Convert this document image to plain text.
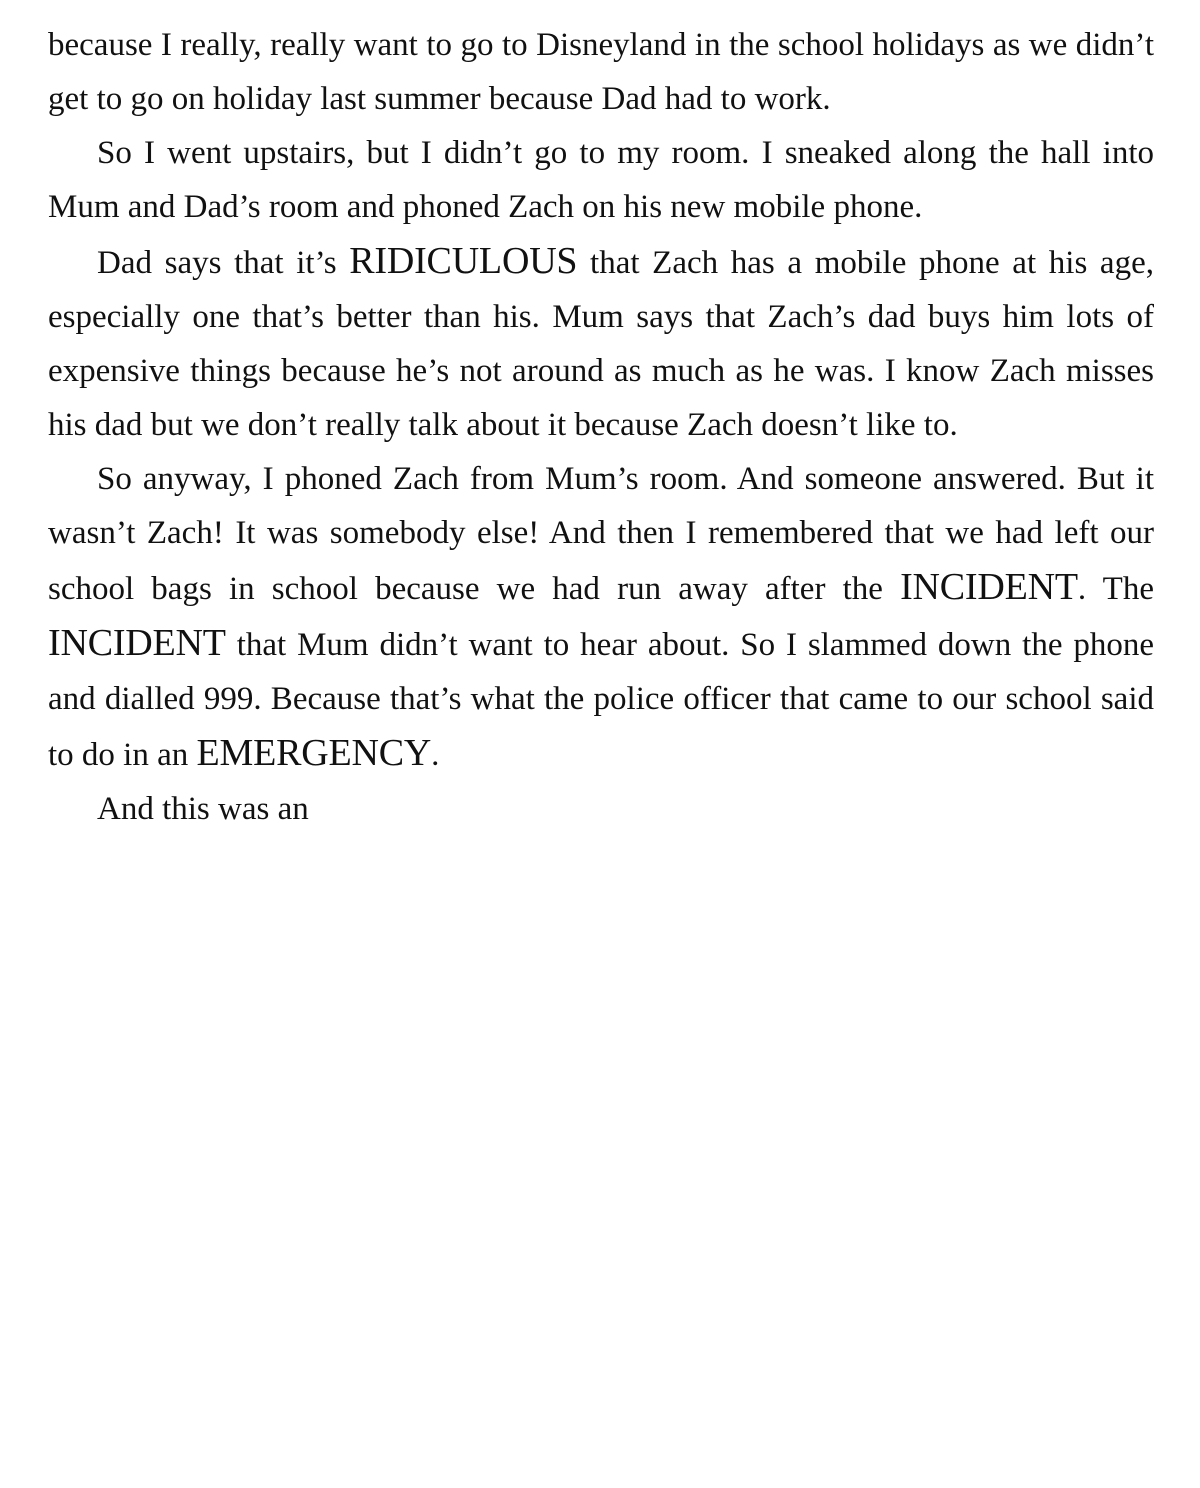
because I really, really want to go to Disneyland in the school holidays as we didn’t get to go on holiday last summer because Dad had to work.

So I went upstairs, but I didn’t go to my room. I sneaked along the hall into Mum and Dad’s room and phoned Zach on his new mobile phone.

Dad says that it’s RIDICULOUS that Zach has a mobile phone at his age, especially one that’s better than his. Mum says that Zach’s dad buys him lots of expensive things because he’s not around as much as he was. I know Zach misses his dad but we don’t really talk about it because Zach doesn’t like to.

So anyway, I phoned Zach from Mum’s room. And someone answered. But it wasn’t Zach! It was somebody else! And then I remembered that we had left our school bags in school because we had run away after the INCIDENT. The INCIDENT that Mum didn’t want to hear about. So I slammed down the phone and dialled 999. Because that’s what the police officer that came to our school said to do in an EMERGENCY.

And this was an
